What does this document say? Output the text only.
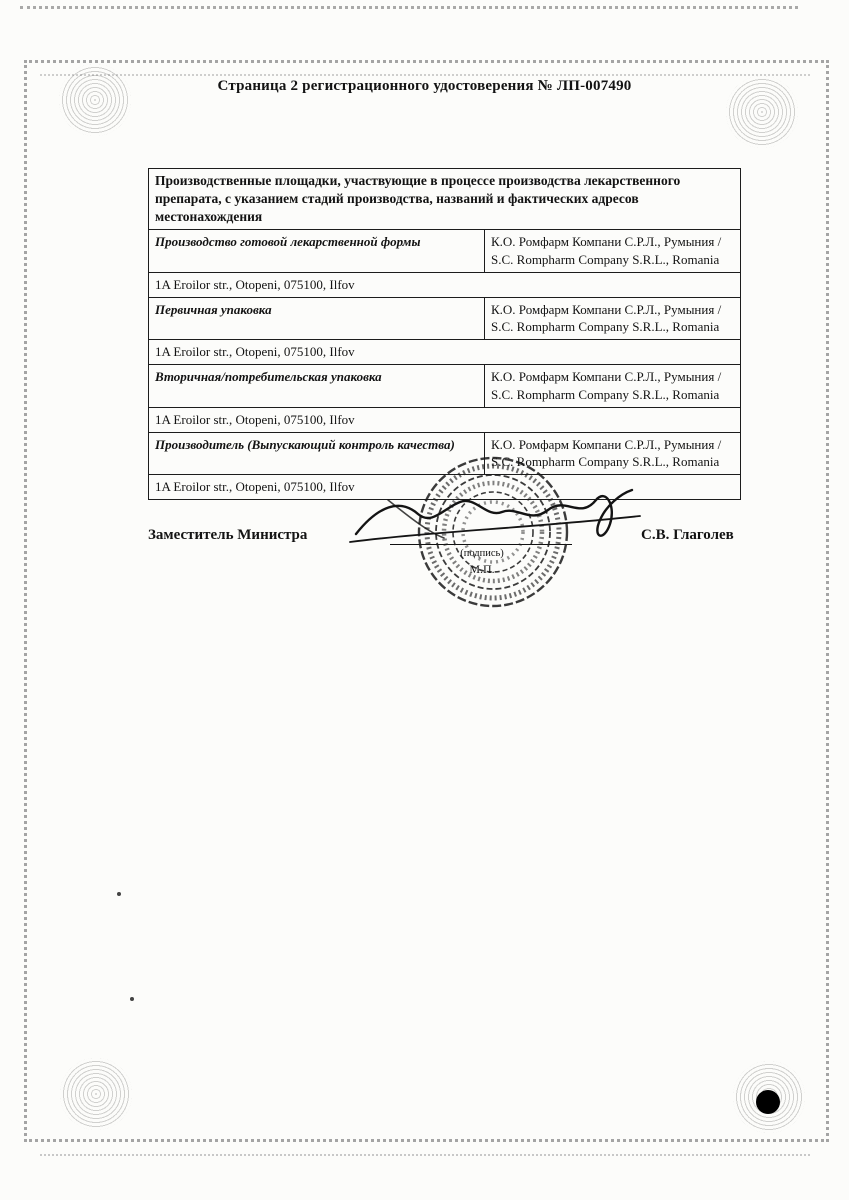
Страница 2 регистрационного удостоверения № ЛП-007490
Производственные площадки, участвующие в процессе производства лекарственного препарата, с указанием стадий производства, названий и фактических адресов местонахождения	
Производство готовой лекарственной формы	К.О. Ромфарм Компани С.Р.Л., Румыния / S.C. Rompharm Company S.R.L., Romania
1A Eroilor str., Otopeni, 075100, Ilfov	
Первичная упаковка	К.О. Ромфарм Компани С.Р.Л., Румыния / S.C. Rompharm Company S.R.L., Romania
1A Eroilor str., Otopeni, 075100, Ilfov	
Вторичная/потребительская упаковка	К.О. Ромфарм Компани С.Р.Л., Румыния / S.C. Rompharm Company S.R.L., Romania
1A Eroilor str., Otopeni, 075100, Ilfov	
Производитель (Выпускающий контроль качества)	К.О. Ромфарм Компани С.Р.Л., Румыния / S.C. Rompharm Company S.R.L., Romania
1A Eroilor str., Otopeni, 075100, Ilfov	
Заместитель Министра
(подпись)
М.П.
С.В. Глаголев
